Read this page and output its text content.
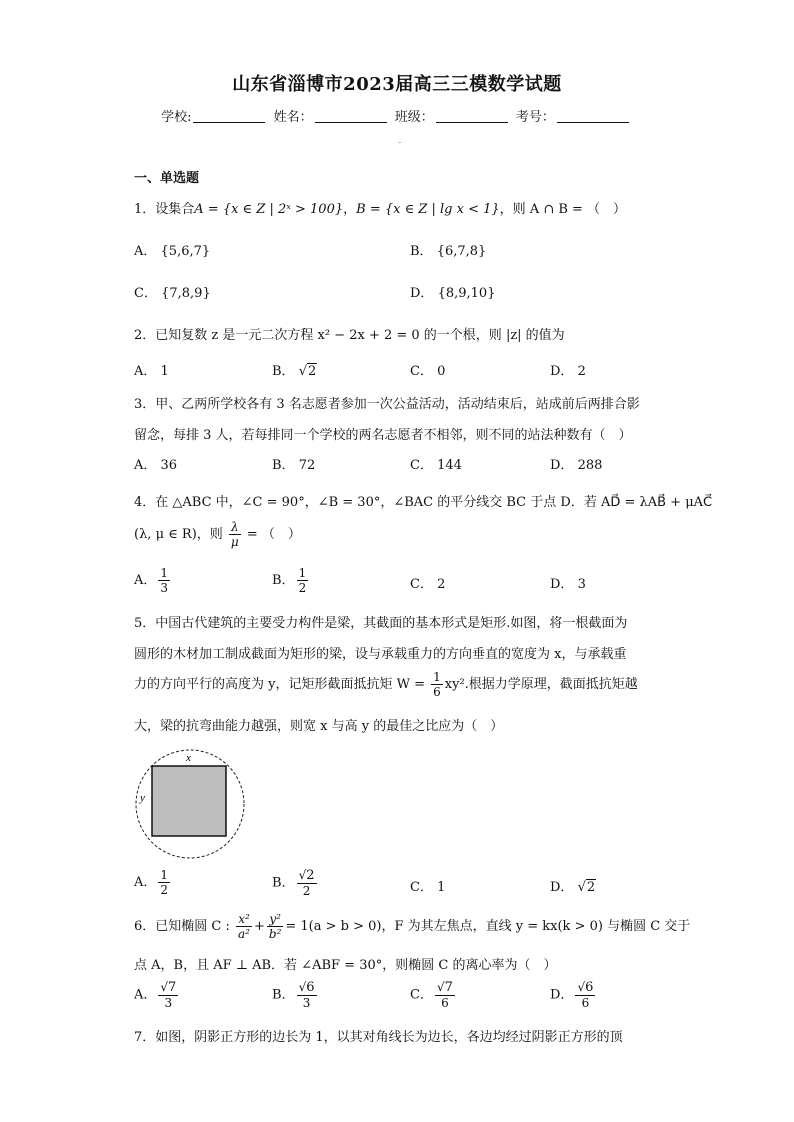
山东省淄博市2023届高三三模数学试题
学校:	姓名：	班级：	考号：
一、单选题
1．设集合A = {x ∈ Z | 2ˣ > 100}，B = {x ∈ Z | lg x < 1}，则 A ∩ B = （　）
A． {5,6,7}	B． {6,7,8}
C． {7,8,9}	D． {8,9,10}
2．已知复数 z 是一元二次方程 x² − 2x + 2 = 0 的一个根，则 |z| 的值为
A． 1	B． √2	C． 0	D． 2
3．甲、乙两所学校各有 3 名志愿者参加一次公益活动，活动结束后，站成前后两排合影
留念，每排 3 人，若每排同一个学校的两名志愿者不相邻，则不同的站法种数有（　）
A． 36	B． 72	C． 144	D． 288
4．在 △ABC 中，∠C = 90°，∠B = 30°，∠BAC 的平分线交 BC 于点 D．若 AD⃗ = λAB⃗ + μAC⃗
(λ, μ ∈ R)，则 $\frac{\lambda}{\mu}$ = （　）
A． $\frac{1}{3}$	B． $\frac{1}{2}$	C． 2	D． 3
5．中国古代建筑的主要受力构件是梁，其截面的基本形式是矩形.如图，将一根截面为
圆形的木材加工制成截面为矩形的梁，设与承载重力的方向垂直的宽度为 x，与承载重
力的方向平行的高度为 y，记矩形截面抵抗矩 $W = \frac{1}{6} xy^2$.根据力学原理，截面抵抗矩越
大，梁的抗弯曲能力越强，则宽 x 与高 y 的最佳之比应为（　）
x
y
A． $\frac{1}{2}$	B． $\frac{√2}{2}$	C． 1	D． √2
6．已知椭圆 C : $\frac{\text{x²}}{\text{a²}} + \frac{\text{y²}}{\text{b²}} = 1(a > b > 0)$，F 为其左焦点，直线 y = kx(k > 0) 与椭圆 C 交于
点 A，B，且 AF ⊥ AB．若 ∠ABF = 30°，则椭圆 C 的离心率为（　）
A． $\frac{√7}{3}$	B． $\frac{√6}{3}$	C． $\frac{√7}{6}$	D． $\frac{√6}{6}$
7．如图，阴影正方形的边长为 1，以其对角线长为边长，各边均经过阴影正方形的顶
